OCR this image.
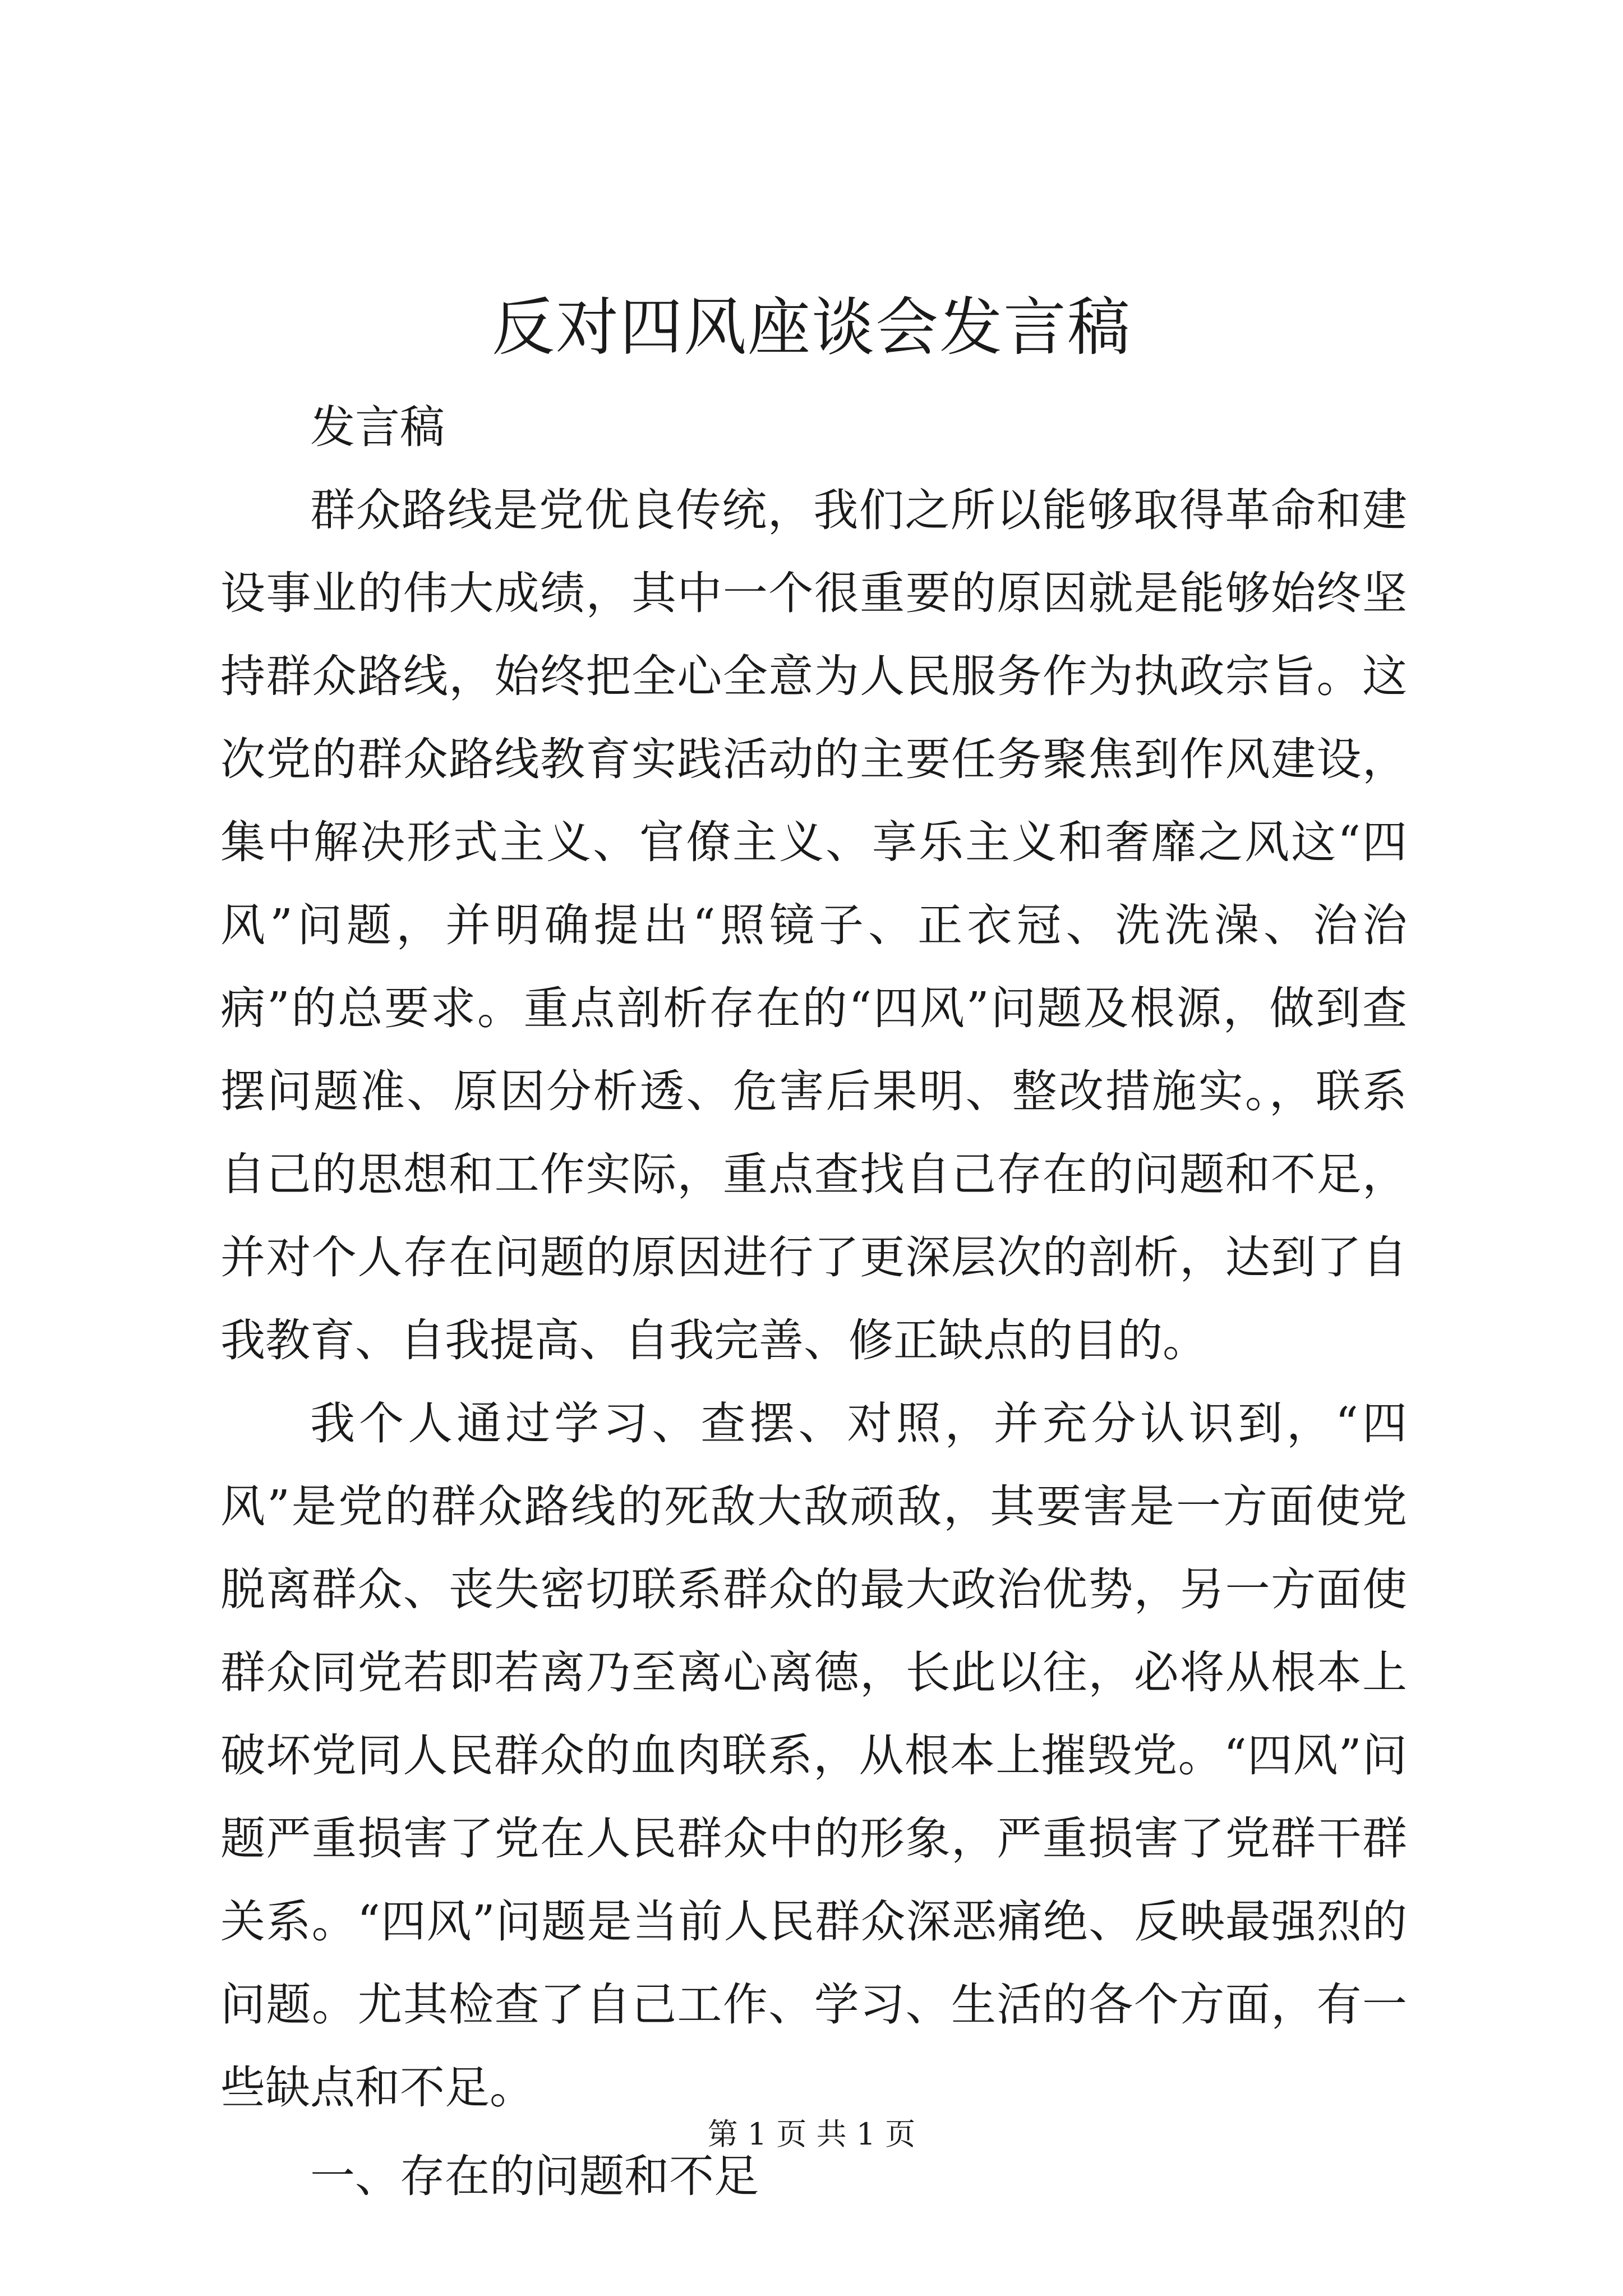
反对四风座谈会发言稿

发言稿

群众路线是党优良传统，我们之所以能够取得革命和建设事业的伟大成绩，其中一个很重要的原因就是能够始终坚持群众路线，始终把全心全意为人民服务作为执政宗旨。这次党的群众路线教育实践活动的主要任务聚焦到作风建设，集中解决形式主义、官僚主义、享乐主义和奢靡之风这“四风”问题，并明确提出“照镜子、正衣冠、洗洗澡、治治病”的总要求。重点剖析存在的“四风”问题及根源，做到查摆问题准、原因分析透、危害后果明、整改措施实。，联系自己的思想和工作实际，重点查找自己存在的问题和不足，并对个人存在问题的原因进行了更深层次的剖析，达到了自我教育、自我提高、自我完善、修正缺点的目的。

我个人通过学习、查摆、对照，并充分认识到，“四风”是党的群众路线的死敌大敌顽敌，其要害是一方面使党脱离群众、丧失密切联系群众的最大政治优势，另一方面使群众同党若即若离乃至离心离德，长此以往，必将从根本上破坏党同人民群众的血肉联系，从根本上摧毁党。“四风”问题严重损害了党在人民群众中的形象，严重损害了党群干群关系。“四风”问题是当前人民群众深恶痛绝、反映最强烈的问题。尤其检查了自己工作、学习、生活的各个方面，有一些缺点和不足。

一、存在的问题和不足

第 1 页 共 1 页
